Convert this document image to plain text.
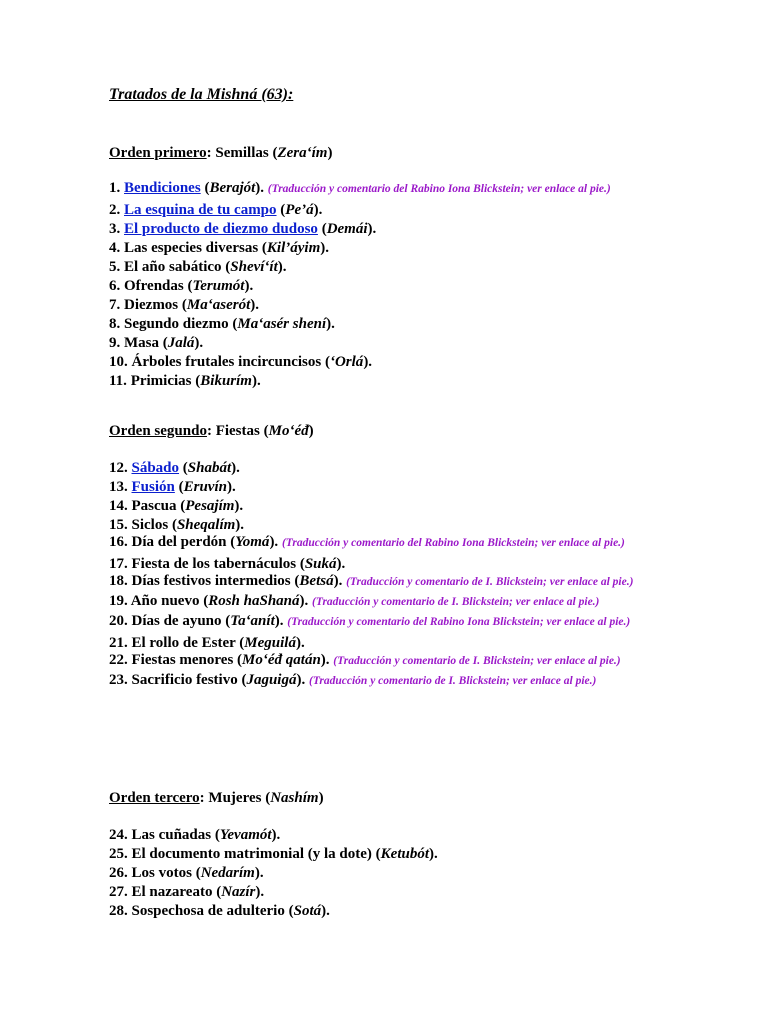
Tratados de la Mishná (63):
Orden primero: Semillas (Zera‘ím)
1. Bendiciones (Berajót). (Traducción y comentario del Rabino Iona Blickstein; ver enlace al pie.)
2. La esquina de tu campo (Pe’á).
3. El producto de diezmo dudoso (Demái).
4. Las especies diversas (Kil’áyim).
5. El año sabático (Sheví‘ít).
6. Ofrendas (Terumót).
7. Diezmos (Ma‘aserót).
8. Segundo diezmo (Ma‘asér shení).
9. Masa (Jalá).
10. Árboles frutales incircuncisos (‘Orlá).
11. Primicias (Bikurím).
Orden segundo: Fiestas (Mo‘éđ)
12. Sábado (Shabát).
13. Fusión (Eruvín).
14. Pascua (Pesajím).
15. Siclos (Sheqalím).
16. Día del perdón (Yomá). (Traducción y comentario del Rabino Iona Blickstein; ver enlace al pie.)
17. Fiesta de los tabernáculos (Suká).
18. Días festivos intermedios (Betsá). (Traducción y comentario de I. Blickstein; ver enlace al pie.)
19. Año nuevo (Rosh haShaná). (Traducción y comentario de I. Blickstein; ver enlace al pie.)
20. Días de ayuno (Ta‘anít). (Traducción y comentario del Rabino Iona Blickstein; ver enlace al pie.)
21. El rollo de Ester (Meguilá).
22. Fiestas menores (Mo‘éđ qatán). (Traducción y comentario de I. Blickstein; ver enlace al pie.)
23. Sacrificio festivo (Jaguigá). (Traducción y comentario de I. Blickstein; ver enlace al pie.)
Orden tercero: Mujeres (Nashím)
24. Las cuñadas (Yevamót).
25. El documento matrimonial (y la dote) (Ketubót).
26. Los votos (Nedarím).
27. El nazareato (Nazír).
28. Sospechosa de adulterio (Sotá).
